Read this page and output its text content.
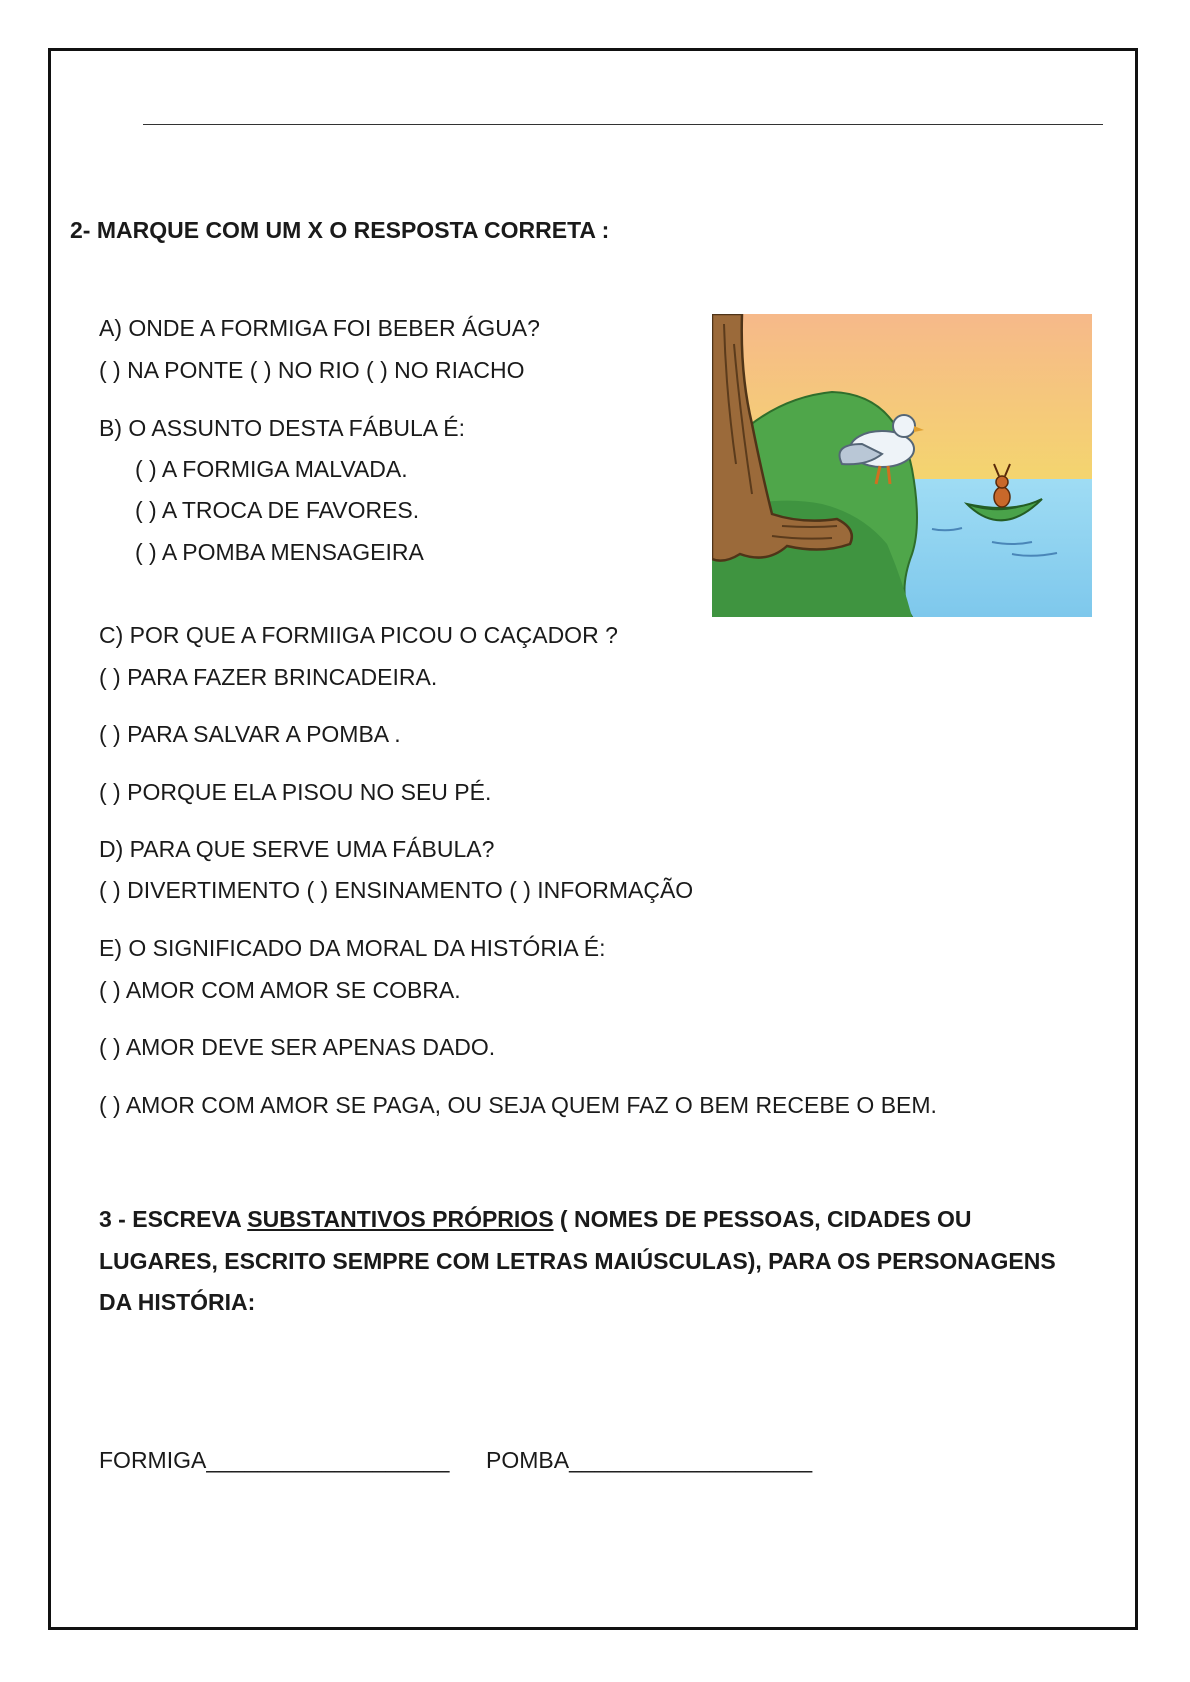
2- MARQUE COM UM X O RESPOSTA CORRETA :
A) ONDE A FORMIGA FOI BEBER ÁGUA?
( ) NA PONTE ( ) NO RIO ( ) NO RIACHO
B) O ASSUNTO DESTA FÁBULA É:
( ) A FORMIGA MALVADA.
( ) A TROCA DE FAVORES.
( ) A POMBA MENSAGEIRA
C) POR QUE A FORMIIGA PICOU O CAÇADOR ?
( ) PARA FAZER BRINCADEIRA.
( ) PARA SALVAR A POMBA .
( ) PORQUE ELA PISOU NO SEU PÉ.
D) PARA QUE SERVE UMA FÁBULA?
( ) DIVERTIMENTO ( ) ENSINAMENTO ( ) INFORMAÇÃO
E) O SIGNIFICADO DA MORAL DA HISTÓRIA É:
( ) AMOR COM AMOR SE COBRA.
( ) AMOR DEVE SER APENAS DADO.
( ) AMOR COM AMOR SE PAGA, OU SEJA QUEM FAZ O BEM RECEBE O BEM.
3 - ESCREVA SUBSTANTIVOS PRÓPRIOS ( NOMES DE PESSOAS, CIDADES OU
LUGARES, ESCRITO SEMPRE COM LETRAS MAIÚSCULAS), PARA OS PERSONAGENS
DA HISTÓRIA:
FORMIGA___________________ POMBA___________________
